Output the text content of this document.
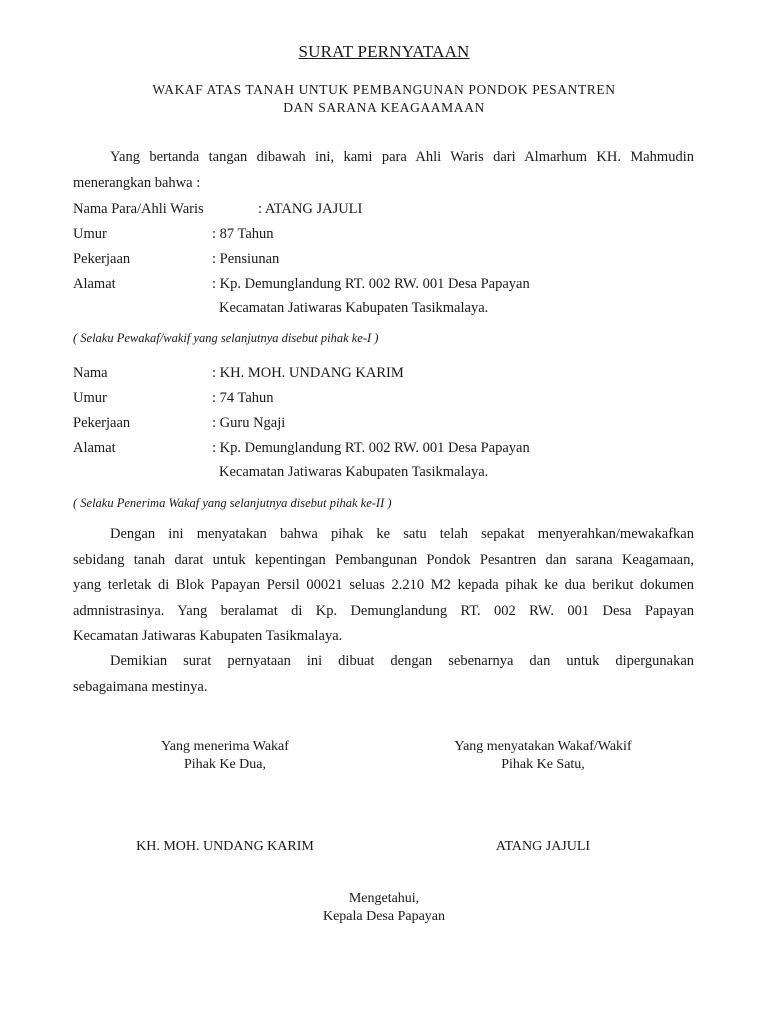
SURAT PERNYATAAN
WAKAF ATAS TANAH UNTUK PEMBANGUNAN PONDOK PESANTREN
DAN SARANA KEAGAAMAAN
Yang bertanda tangan dibawah ini, kami para Ahli Waris dari Almarhum KH. Mahmudin
menerangkan bahwa :
Nama Para/Ahli Waris	: ATANG JAJULI
Umur	: 87 Tahun
Pekerjaan	: Pensiunan
Alamat	: Kp. Demunglandung RT. 002 RW. 001 Desa Papayan
Kecamatan Jatiwaras Kabupaten Tasikmalaya.
( Selaku Pewakaf/wakif yang selanjutnya disebut pihak ke-I )
Nama	: KH. MOH. UNDANG KARIM
Umur	: 74 Tahun
Pekerjaan	: Guru Ngaji
Alamat	: Kp. Demunglandung RT. 002 RW. 001 Desa Papayan
Kecamatan Jatiwaras Kabupaten Tasikmalaya.
( Selaku Penerima Wakaf yang selanjutnya disebut pihak ke-II )
Dengan ini menyatakan bahwa pihak ke satu telah sepakat menyerahkan/mewakafkan
sebidang tanah darat untuk kepentingan Pembangunan Pondok Pesantren dan sarana Keagamaan,
yang terletak di Blok Papayan Persil 00021 seluas 2.210 M2 kepada pihak ke dua berikut dokumen
admnistrasinya. Yang beralamat di Kp. Demunglandung RT. 002 RW. 001 Desa Papayan
Kecamatan Jatiwaras Kabupaten Tasikmalaya.
Demikian surat pernyataan ini dibuat dengan sebenarnya dan untuk dipergunakan
sebagaimana mestinya.
Yang menerima Wakaf
Pihak Ke Dua,
Yang menyatakan Wakaf/Wakif
Pihak Ke Satu,
KH. MOH. UNDANG KARIM	ATANG JAJULI
Mengetahui,
Kepala Desa Papayan
